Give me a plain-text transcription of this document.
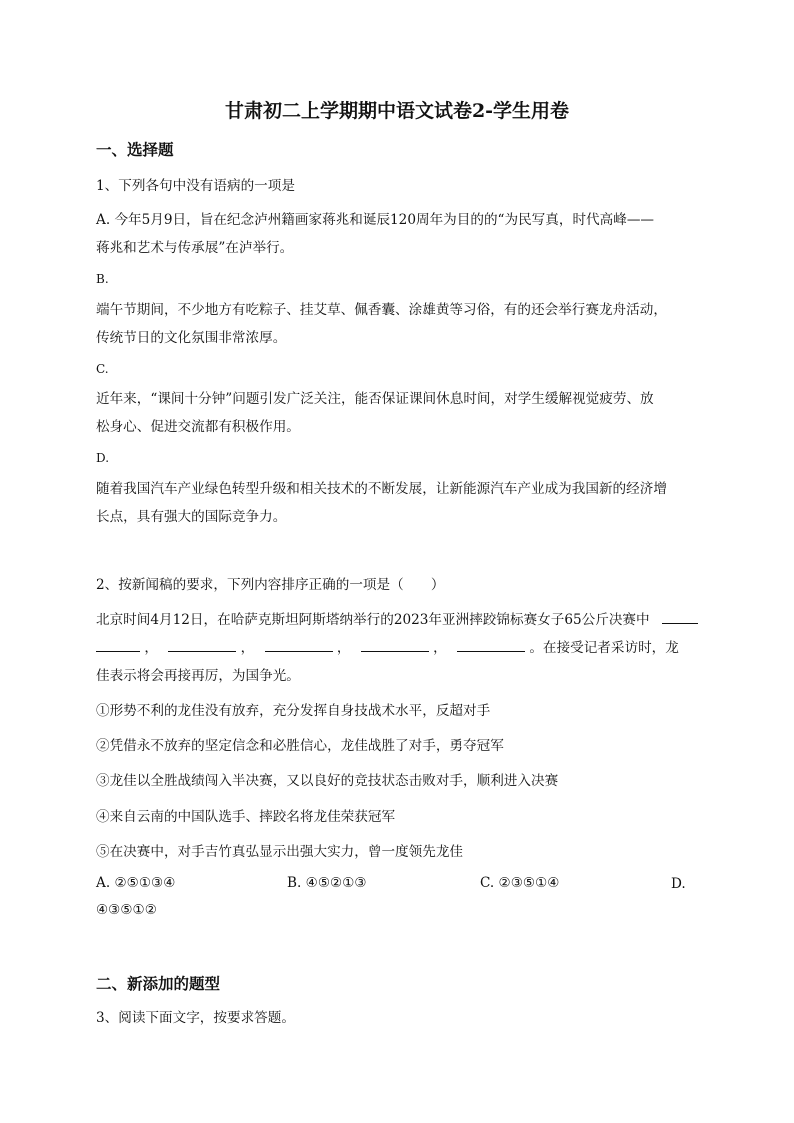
甘肃初二上学期期中语文试卷2-学生用卷
一、选择题
1、下列各句中没有语病的一项是
A. 今年5月9日，旨在纪念泸州籍画家蒋兆和诞辰120周年为目的的“为民写真，时代高峰——
蒋兆和艺术与传承展”在泸举行。
B.
端午节期间，不少地方有吃粽子、挂艾草、佩香囊、涂雄黄等习俗，有的还会举行赛龙舟活动，
传统节日的文化氛围非常浓厚。
C.
近年来，“课间十分钟”问题引发广泛关注，能否保证课间休息时间，对学生缓解视觉疲劳、放
松身心、促进交流都有积极作用。
D.
随着我国汽车产业绿色转型升级和相关技术的不断发展，让新能源汽车产业成为我国新的经济增
长点，具有强大的国际竞争力。
2、按新闻稿的要求，下列内容排序正确的一项是（　　）
北京时间4月12日，在哈萨克斯坦阿斯塔纳举行的2023年亚洲摔跤锦标赛女子65公斤决赛中
，	，	，	，	。在接受记者采访时，龙
佳表示将会再接再厉，为国争光。
①形势不利的龙佳没有放弃，充分发挥自身技战术水平，反超对手
②凭借永不放弃的坚定信念和必胜信心，龙佳战胜了对手，勇夺冠军
③龙佳以全胜战绩闯入半决赛，又以良好的竞技状态击败对手，顺利进入决赛
④来自云南的中国队选手、摔跤名将龙佳荣获冠军
⑤在决赛中，对手吉竹真弘显示出强大实力，曾一度领先龙佳
A. ②⑤①③④	B. ④⑤②①③	C. ②③⑤①④	D.
④③⑤①②
二、新添加的题型
3、阅读下面文字，按要求答题。
